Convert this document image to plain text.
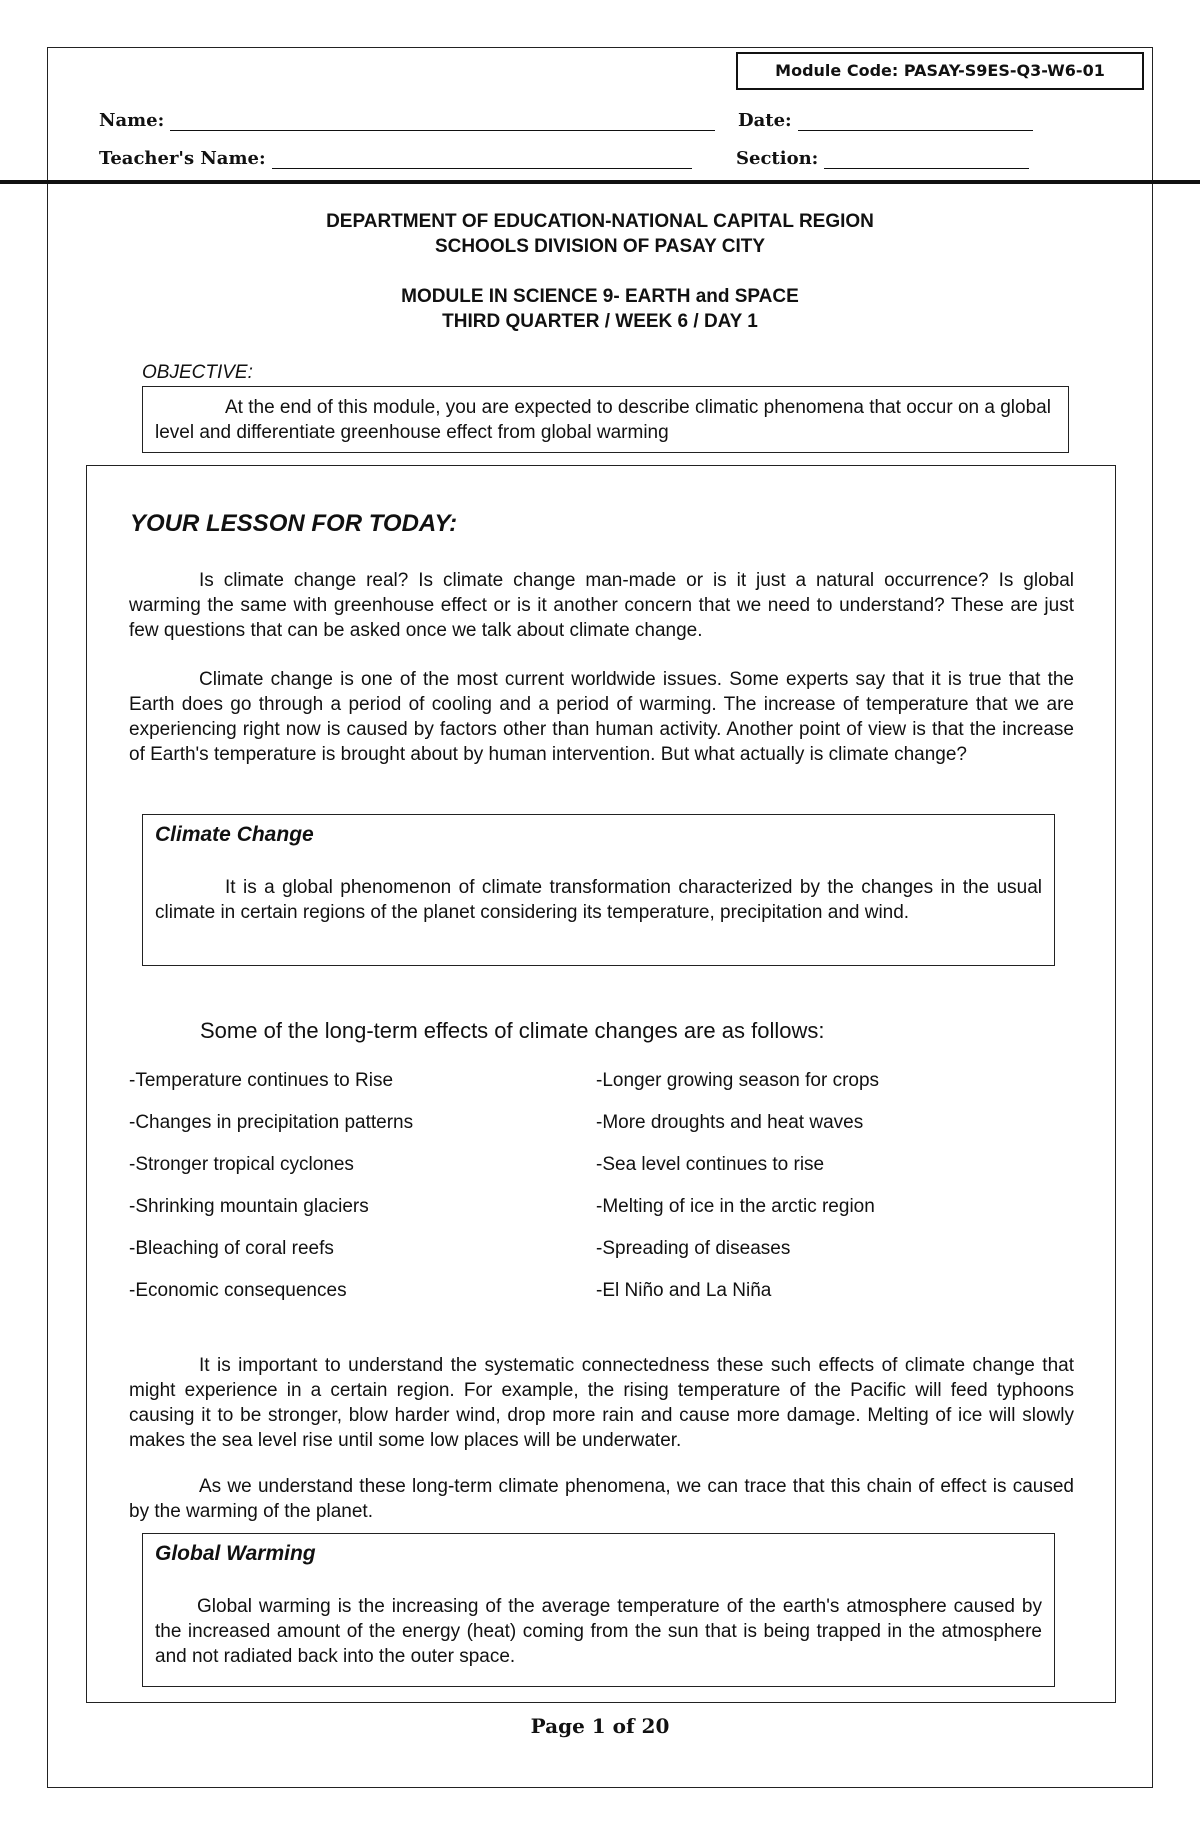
Module Code: PASAY-S9ES-Q3-W6-01
Name:	Date:
Teacher's Name:	Section:
DEPARTMENT OF EDUCATION-NATIONAL CAPITAL REGION
SCHOOLS DIVISION OF PASAY CITY
MODULE IN SCIENCE 9- EARTH and SPACE
THIRD QUARTER / WEEK 6 / DAY 1
OBJECTIVE:
At the end of this module, you are expected to describe climatic phenomena that occur on a global level and differentiate greenhouse effect from global warming
YOUR LESSON FOR TODAY:
Is climate change real? Is climate change man-made or is it just a natural occurrence? Is global warming the same with greenhouse effect or is it another concern that we need to understand? These are just few questions that can be asked once we talk about climate change.
Climate change is one of the most current worldwide issues. Some experts say that it is true that the Earth does go through a period of cooling and a period of warming. The increase of temperature that we are experiencing right now is caused by factors other than human activity. Another point of view is that the increase of Earth's temperature is brought about by human intervention. But what actually is climate change?
Climate Change
It is a global phenomenon of climate transformation characterized by the changes in the usual climate in certain regions of the planet considering its temperature, precipitation and wind.
Some of the long-term effects of climate changes are as follows:
-Temperature continues to Rise	-Longer growing season for crops
-Changes in precipitation patterns	-More droughts and heat waves
-Stronger tropical cyclones	-Sea level continues to rise
-Shrinking mountain glaciers	-Melting of ice in the arctic region
-Bleaching of coral reefs	-Spreading of diseases
-Economic consequences	-El Niño and La Niña
It is important to understand the systematic connectedness these such effects of climate change that might experience in a certain region. For example, the rising temperature of the Pacific will feed typhoons causing it to be stronger, blow harder wind, drop more rain and cause more damage. Melting of ice will slowly makes the sea level rise until some low places will be underwater.
As we understand these long-term climate phenomena, we can trace that this chain of effect is caused by the warming of the planet.
Global Warming
Global warming is the increasing of the average temperature of the earth's atmosphere caused by the increased amount of the energy (heat) coming from the sun that is being trapped in the atmosphere and not radiated back into the outer space.
Page 1 of 20
